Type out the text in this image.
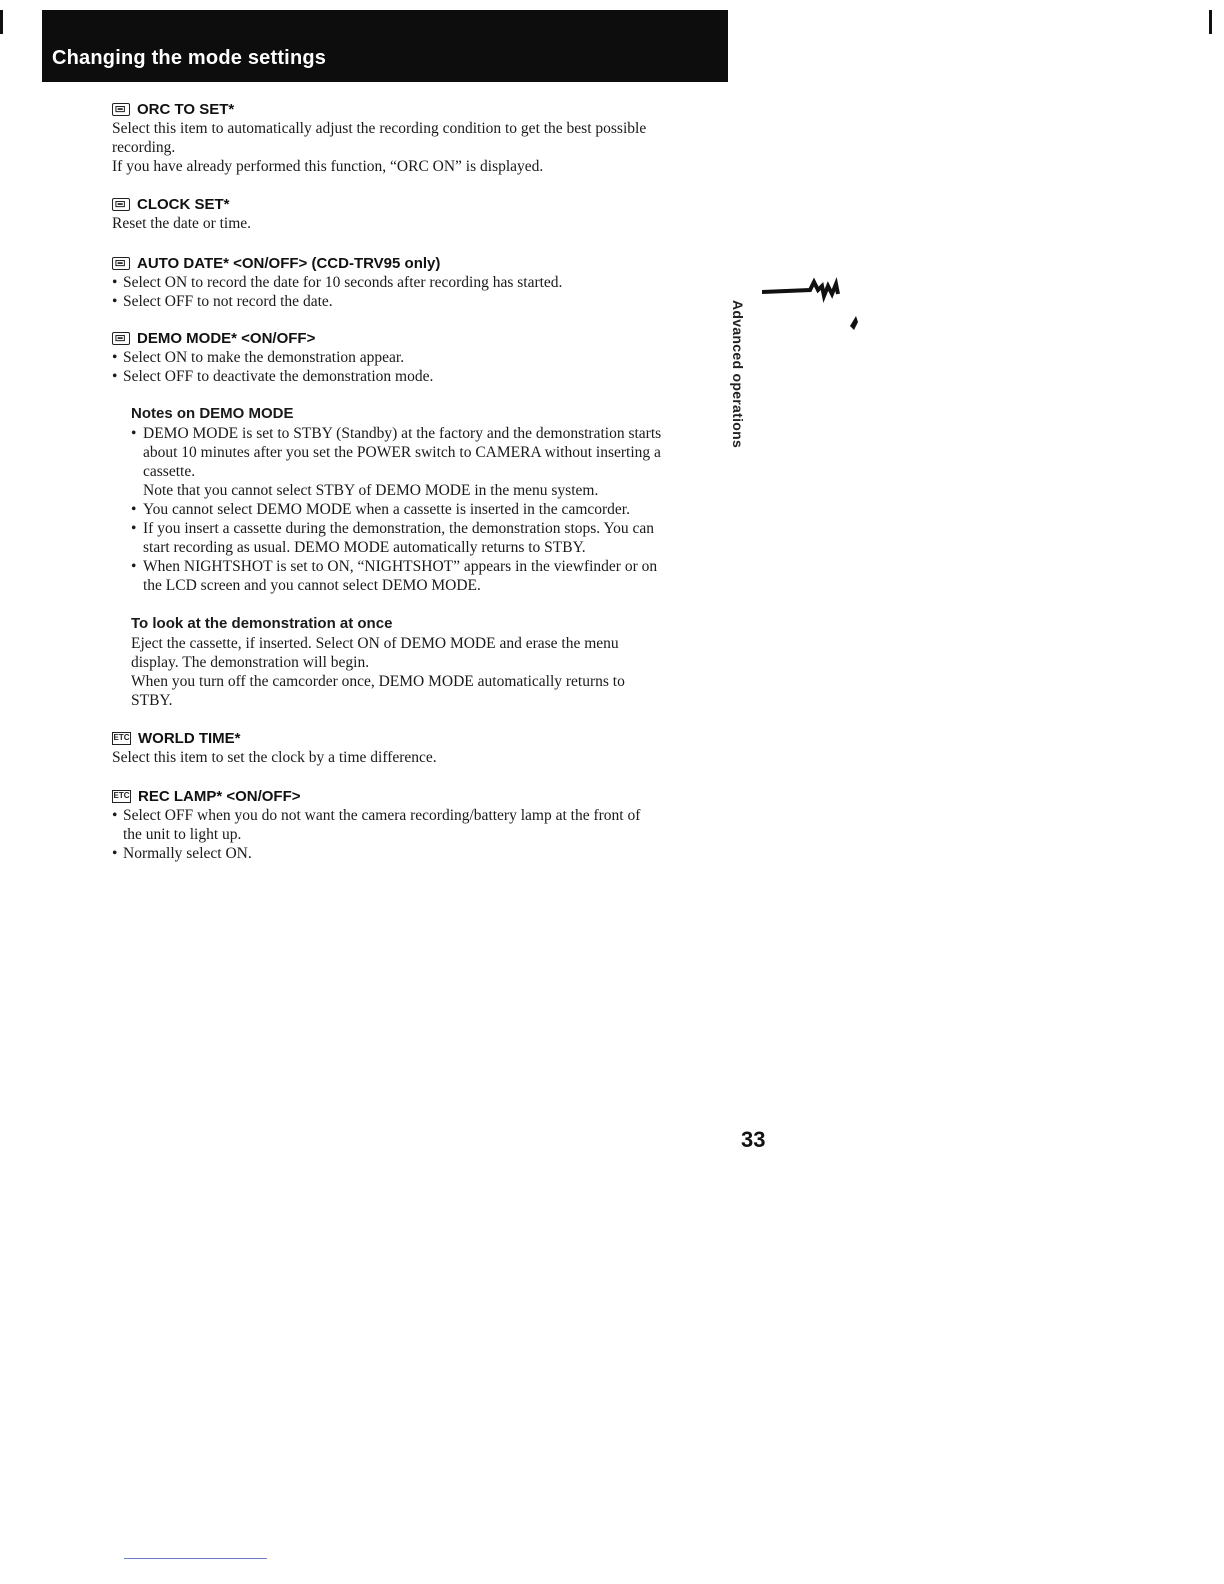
Changing the mode settings
ORC TO SET*

Select this item to automatically adjust the recording condition to get the best possible

recording.

If you have already performed this function, “ORC ON” is displayed.

CLOCK SET*

Reset the date or time.

AUTO DATE* <ON/OFF> (CCD-TRV95 only)
• Select ON to record the date for 10 seconds after recording has started.
• Select OFF to not record the date.
DEMO MODE* <ON/OFF>
• Select ON to make the demonstration appear.
• Select OFF to deactivate the demonstration mode.

Notes on DEMO MODE

• DEMO MODE is set to STBY (Standby) at the factory and the demonstration starts
about 10 minutes after you set the POWER switch to CAMERA without inserting a
cassette.
Note that you cannot select STBY of DEMO MODE in the menu system.
• You cannot select DEMO MODE when a cassette is inserted in the camcorder.
• If you insert a cassette during the demonstration, the demonstration stops. You can
start recording as usual. DEMO MODE automatically returns to STBY.
• When NIGHTSHOT is set to ON, “NIGHTSHOT” appears in the viewfinder or on
the LCD screen and you cannot select DEMO MODE.

To look at the demonstration at once

Eject the cassette, if inserted. Select ON of DEMO MODE and erase the menu

display. The demonstration will begin.

When you turn off the camcorder once, DEMO MODE automatically returns to

STBY.

ETC WORLD TIME*

Select this item to set the clock by a time difference.

ETC REC LAMP* <ON/OFF>
• Select OFF when you do not want the camera recording/battery lamp at the front of
the unit to light up.
• Normally select ON.
Advanced operations
33
